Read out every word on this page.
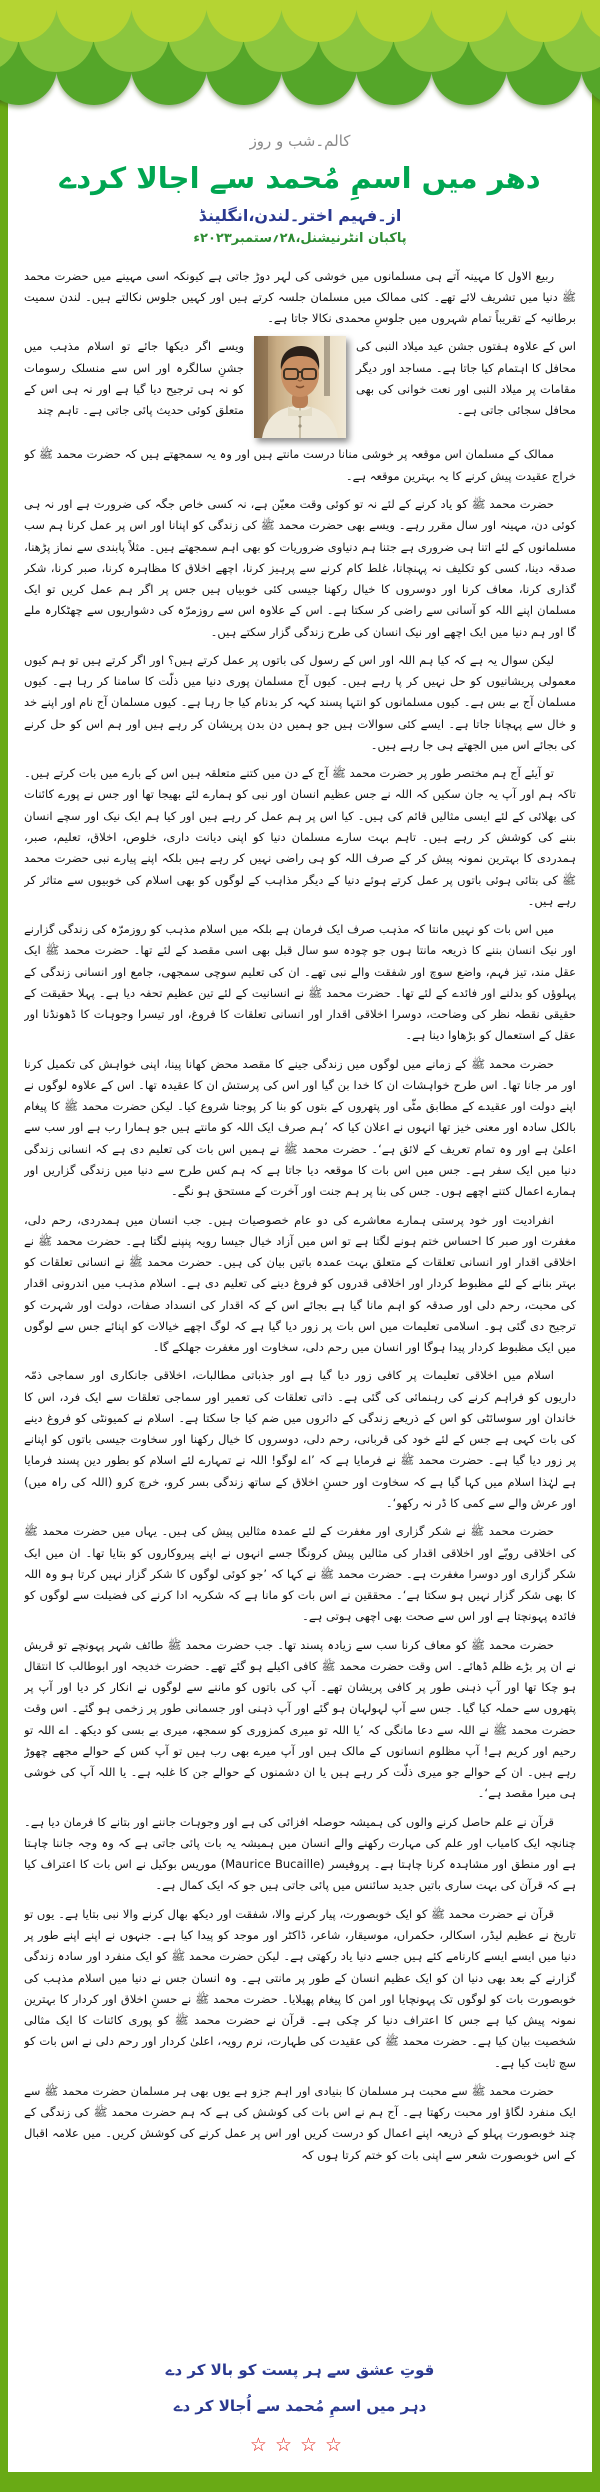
کالم۔شب و روز
دھر میں اسمِ مُحمد سے اجالا کردے
از۔فہیم اختر۔لندن،انگلینڈ
پاکبان انٹرنیشنل،۲۸؍ستمبر۲۰۲۳ء

ربیع الاول کا مہینہ آتے ہی مسلمانوں میں خوشی کی لہر دوڑ جاتی ہے کیونکہ اسی مہینے میں حضرت محمد ﷺ دنیا میں تشریف لائے تھے۔ کئی ممالک میں مسلمان جلسہ کرتے ہیں اور کہیں جلوس نکالتے ہیں۔ لندن سمیت برطانیہ کے تقریباً تمام شہروں میں جلوسِ محمدی نکالا جاتا ہے۔

اس کے علاوہ ہفتوں جشن عید میلاد النبی کی محافل کا اہتمام کیا جاتا ہے۔ مساجد اور دیگر مقامات پر میلاد النبی اور نعت خوانی کی بھی محافل سجائی جاتی ہے۔
ویسے اگر دیکھا جائے تو اسلام مذہب میں جشنِ سالگرہ اور اس سے منسلک رسومات کو نہ ہی ترجیح دیا گیا ہے اور نہ ہی اس کے متعلق کوئی حدیث پائی جاتی ہے۔ تاہم چند

ممالک کے مسلمان اس موقعہ پر خوشی منانا درست مانتے ہیں اور وہ یہ سمجھتے ہیں کہ حضرت محمد ﷺ کو خراج عقیدت پیش کرنے کا یہ بہترین موقعہ ہے۔

حضرت محمد ﷺ کو یاد کرنے کے لئے نہ تو کوئی وقت معیّن ہے، نہ کسی خاص جگہ کی ضرورت ہے اور نہ ہی کوئی دن، مہینہ اور سال مقرر رہے۔ ویسے بھی حضرت محمد ﷺ کی زندگی کو اپنانا اور اس پر عمل کرنا ہم سب مسلمانوں کے لئے اتنا ہی ضروری ہے جتنا ہم دنیاوی ضروریات کو بھی اہم سمجھتے ہیں۔ مثلاً پابندی سے نماز پڑھنا، صدقہ دینا، کسی کو تکلیف نہ پہنچانا، غلط کام کرنے سے پرہیز کرنا، اچھے اخلاق کا مظاہرہ کرنا، صبر کرنا، شکر گذاری کرنا، معاف کرنا اور دوسروں کا خیال رکھنا جیسی کئی خوبیاں ہیں جس پر اگر ہم عمل کریں تو ایک مسلمان اپنے اللہ کو آسانی سے راضی کر سکتا ہے۔ اس کے علاوہ اس سے روزمرّہ کی دشواریوں سے چھٹکارہ ملے گا اور ہم دنیا میں ایک اچھے اور نیک انسان کی طرح زندگی گزار سکتے ہیں۔

لیکن سوال یہ ہے کہ کیا ہم اللہ اور اس کے رسول کی باتوں پر عمل کرتے ہیں؟ اور اگر کرتے ہیں تو ہم کیوں معمولی پریشانیوں کو حل نہیں کر پا رہے ہیں۔ کیوں آج مسلمان پوری دنیا میں ذلّت کا سامنا کر رہا ہے۔ کیوں مسلمان آج بے بس ہے۔ کیوں مسلمانوں کو انتہا پسند کہہ کر بدنام کیا جا رہا ہے۔ کیوں مسلمان آج نام اور اپنے خد و خال سے پہچانا جاتا ہے۔ ایسے کئی سوالات ہیں جو ہمیں دن بدن پریشان کر رہے ہیں اور ہم اس کو حل کرنے کی بجائے اس میں الجھتے ہی جا رہے ہیں۔

تو آیئے آج ہم مختصر طور پر حضرت محمد ﷺ آج کے دن میں کتنے متعلقہ ہیں اس کے بارے میں بات کرتے ہیں۔ تاکہ ہم اور آپ یہ جان سکیں کہ اللہ نے جس عظیم انسان اور نبی کو ہمارے لئے بھیجا تھا اور جس نے پورے کائنات کی بھلائی کے لئے ایسی مثالیں قائم کی ہیں۔ کیا اس پر ہم عمل کر رہے ہیں اور کیا ہم ایک نیک اور سچے انسان بننے کی کوشش کر رہے ہیں۔ تاہم بہت سارے مسلمان دنیا کو اپنی دیانت داری، خلوص، اخلاق، تعلیم، صبر، ہمدردی کا بہترین نمونہ پیش کر کے صرف اللہ کو ہی راضی نہیں کر رہے ہیں بلکہ اپنے پیارے نبی حضرت محمد ﷺ کی بتائی ہوئی باتوں پر عمل کرتے ہوئے دنیا کے دیگر مذاہب کے لوگوں کو بھی اسلام کی خوبیوں سے متاثر کر رہے ہیں۔

میں اس بات کو نہیں مانتا کہ مذہب صرف ایک فرمان ہے بلکہ میں اسلام مذہب کو روزمرّہ کی زندگی گزارنے اور نیک انسان بننے کا ذریعہ مانتا ہوں جو چودہ سو سال قبل بھی اسی مقصد کے لئے تھا۔ حضرت محمد ﷺ ایک عقل مند، تیز فہم، واضع سوچ اور شفقت والے نبی تھے۔ ان کی تعلیم سوچی سمجھی، جامع اور انسانی زندگی کے پہلوؤں کو بدلنے اور فائدے کے لئے تھا۔ حضرت محمد ﷺ نے انسانیت کے لئے تین عظیم تحفہ دیا ہے۔ پہلا حقیقت کے حقیقی نقطہ نظر کی وضاحت، دوسرا اخلاقی اقدار اور انسانی تعلقات کا فروغ، اور تیسرا وجوہات کا ڈھونڈنا اور عقل کے استعمال کو بڑھاوا دینا ہے۔

حضرت محمد ﷺ کے زمانے میں لوگوں میں زندگی جینے کا مقصد محض کھانا پینا، اپنی خواہش کی تکمیل کرنا اور مر جانا تھا۔ اس طرح خواہشات ان کا خدا بن گیا اور اس کی پرستش ان کا عقیدہ تھا۔ اس کے علاوہ لوگوں نے اپنے دولت اور عقیدے کے مطابق مٹّی اور پتھروں کے بتوں کو بنا کر پوجنا شروع کیا۔ لیکن حضرت محمد ﷺ کا پیغام بالکل سادہ اور معنی خیز تھا انہوں نے اعلان کیا کہ ’ہم صرف ایک اللہ کو مانتے ہیں جو ہمارا رب ہے اور سب سے اعلیٰ ہے اور وہ تمام تعریف کے لائق ہے‘۔ حضرت محمد ﷺ نے ہمیں اس بات کی تعلیم دی ہے کہ انسانی زندگی دنیا میں ایک سفر ہے۔ جس میں اس بات کا موقعہ دیا جاتا ہے کہ ہم کس طرح سے دنیا میں زندگی گزاریں اور ہمارے اعمال کتنے اچھے ہوں۔ جس کی بنا پر ہم جنت اور آخرت کے مستحق ہو نگے۔

انفرادیت اور خود پرستی ہمارے معاشرے کی دو عام خصوصیات ہیں۔ جب انسان میں ہمدردی، رحم دلی، مغفرت اور صبر کا احساس ختم ہونے لگتا ہے تو اس میں آزاد خیال جیسا رویہ پنپنے لگتا ہے۔ حضرت محمد ﷺ نے اخلاقی اقدار اور انسانی تعلقات کے متعلق بہت عمدہ باتیں بیان کی ہیں۔ حضرت محمد ﷺ نے انسانی تعلقات کو بہتر بنانے کے لئے مظبوط کردار اور اخلاقی قدروں کو فروغ دینے کی تعلیم دی ہے۔ اسلام مذہب میں اندرونی اقدار کی محبت، رحم دلی اور صدقہ کو اہم مانا گیا ہے بجائے اس کے کہ اقدار کی انسداد صفات، دولت اور شہرت کو ترجیح دی گئی ہو۔ اسلامی تعلیمات میں اس بات پر زور دیا گیا ہے کہ لوگ اچھے خیالات کو اپنائے جس سے لوگوں میں ایک مظبوط کردار پیدا ہوگا اور انسان میں رحم دلی، سخاوت اور مغفرت جھلکے گا۔

اسلام میں اخلاقی تعلیمات پر کافی زور دیا گیا ہے اور جذباتی مطالبات، اخلاقی جانکاری اور سماجی ذمّہ داریوں کو فراہم کرنے کی رہنمائی کی گئی ہے۔ ذاتی تعلقات کی تعمیر اور سماجی تعلقات سے ایک فرد، اس کا خاندان اور سوسائٹی کو اس کے ذریعے زندگی کے دائروں میں ضم کیا جا سکتا ہے۔ اسلام نے کمیونٹی کو فروغ دینے کی بات کہی ہے جس کے لئے خود کی قربانی، رحم دلی، دوسروں کا خیال رکھنا اور سخاوت جیسی باتوں کو اپنانے پر زور دیا گیا ہے۔ حضرت محمد ﷺ نے فرمایا ہے کہ ’اے لوگو! اللہ نے تمہارے لئے اسلام کو بطور دین پسند فرمایا ہے لہٰذا اسلام میں کہا گیا ہے کہ سخاوت اور حسنِ اخلاق کے ساتھ زندگی بسر کرو، خرچ کرو (اللہ کی راہ میں) اور عرش والے سے کمی کا ڈر نہ رکھو‘۔

حضرت محمد ﷺ نے شکر گزاری اور مغفرت کے لئے عمدہ مثالیں پیش کی ہیں۔ یہاں میں حضرت محمد ﷺ کی اخلاقی رویّے اور اخلاقی اقدار کی مثالیں پیش کرونگا جسے انہوں نے اپنے پیروکاروں کو بتایا تھا۔ ان میں ایک شکر گزاری اور دوسرا مغفرت ہے۔ حضرت محمد ﷺ نے کہا کہ ’جو کوئی لوگوں کا شکر گزار نہیں کرتا ہو وہ اللہ کا بھی شکر گزار نہیں ہو سکتا ہے‘۔ محققین نے اس بات کو مانا ہے کہ شکریہ ادا کرنے کی فضیلت سے لوگوں کو فائدہ پہونچتا ہے اور اس سے صحت بھی اچھی ہوتی ہے۔

حضرت محمد ﷺ کو معاف کرنا سب سے زیادہ پسند تھا۔ جب حضرت محمد ﷺ طائف شہر پہونچے تو قریش نے ان پر بڑے ظلم ڈھائے۔ اس وقت حضرت محمد ﷺ کافی اکیلے ہو گئے تھے۔ حضرت خدیجہ اور ابوطالب کا انتقال ہو چکا تھا اور آپ ذہنی طور پر کافی پریشان تھے۔ آپ کی باتوں کو ماننے سے لوگوں نے انکار کر دیا اور آپ پر پتھروں سے حملہ کیا گیا۔ جس سے آپ لہولہان ہو گئے اور آپ ذہنی اور جسمانی طور پر زخمی ہو گئے۔ اس وقت حضرت محمد ﷺ نے اللہ سے دعا مانگی کہ ’یا اللہ تو میری کمزوری کو سمجھ، میری بے بسی کو دیکھ۔ اے اللہ تو رحیم اور کریم ہے! آپ مظلوم انسانوں کے مالک ہیں اور آپ میرے بھی رب ہیں تو آپ کس کے حوالے مجھے چھوڑ رہے ہیں۔ ان کے حوالے جو میری ذلّت کر رہے ہیں یا ان دشمنوں کے حوالے جن کا غلبہ ہے۔ یا اللہ آپ کی خوشی ہی میرا مقصد ہے‘۔

قرآن نے علم حاصل کرنے والوں کی ہمیشہ حوصلہ افزائی کی ہے اور وجوہات جاننے اور بتانے کا فرمان دیا ہے۔ چنانچہ ایک کامیاب اور علم کی مہارت رکھنے والے انسان میں ہمیشہ یہ بات پائی جاتی ہے کہ وہ وجہ جاننا چاہتا ہے اور منطق اور مشاہدہ کرنا چاہتا ہے۔ پروفیسر (Maurice Bucaille) موریس بوکیل نے اس بات کا اعتراف کیا ہے کہ قرآن کی بہت ساری باتیں جدید سائنس میں پائی جاتی ہیں جو کہ ایک کمال ہے۔

قرآن نے حضرت محمد ﷺ کو ایک خوبصورت، پیار کرنے والا، شفقت اور دیکھ بھال کرنے والا نبی بتایا ہے۔ یوں تو تاریخ نے عظیم لیڈر، اسکالر، حکمراں، موسیقار، شاعر، ڈاکٹر اور موجد کو پیدا کیا ہے۔ جنہوں نے اپنے اپنے طور پر دنیا میں ایسے ایسے کارنامے کئے ہیں جسے دنیا یاد رکھتی ہے۔ لیکن حضرت محمد ﷺ کو ایک منفرد اور سادہ زندگی گزارنے کے بعد بھی دنیا ان کو ایک عظیم انسان کے طور پر مانتی ہے۔ وہ انسان جس نے دنیا میں اسلام مذہب کی خوبصورت بات کو لوگوں تک پہونچایا اور امن کا پیغام پھیلایا۔ حضرت محمد ﷺ نے حسنِ اخلاق اور کردار کا بہترین نمونہ پیش کیا ہے جس کا اعتراف دنیا کر چکی ہے۔ قرآن نے حضرت محمد ﷺ کو پوری کائنات کا ایک مثالی شخصیت بیان کیا ہے۔ حضرت محمد ﷺ کی عقیدت کی طہارت، نرم رویہ، اعلیٰ کردار اور رحم دلی نے اس بات کو سچ ثابت کیا ہے۔

حضرت محمد ﷺ سے محبت ہر مسلمان کا بنیادی اور اہم جزو ہے یوں بھی ہر مسلمان حضرت محمد ﷺ سے ایک منفرد لگاؤ اور محبت رکھتا ہے۔ آج ہم نے اس بات کی کوشش کی ہے کہ ہم حضرت محمد ﷺ کی زندگی کے چند خوبصورت پہلو کے ذریعہ اپنے اعمال کو درست کریں اور اس پر عمل کرنے کی کوشش کریں۔ میں علامہ اقبال کے اس خوبصورت شعر سے اپنی بات کو ختم کرتا ہوں کہ

قوتِ عشق سے ہر پست کو بالا کر دے
دہر میں اسمِ مُحمد سے اُجالا کر دے
☆☆☆☆
